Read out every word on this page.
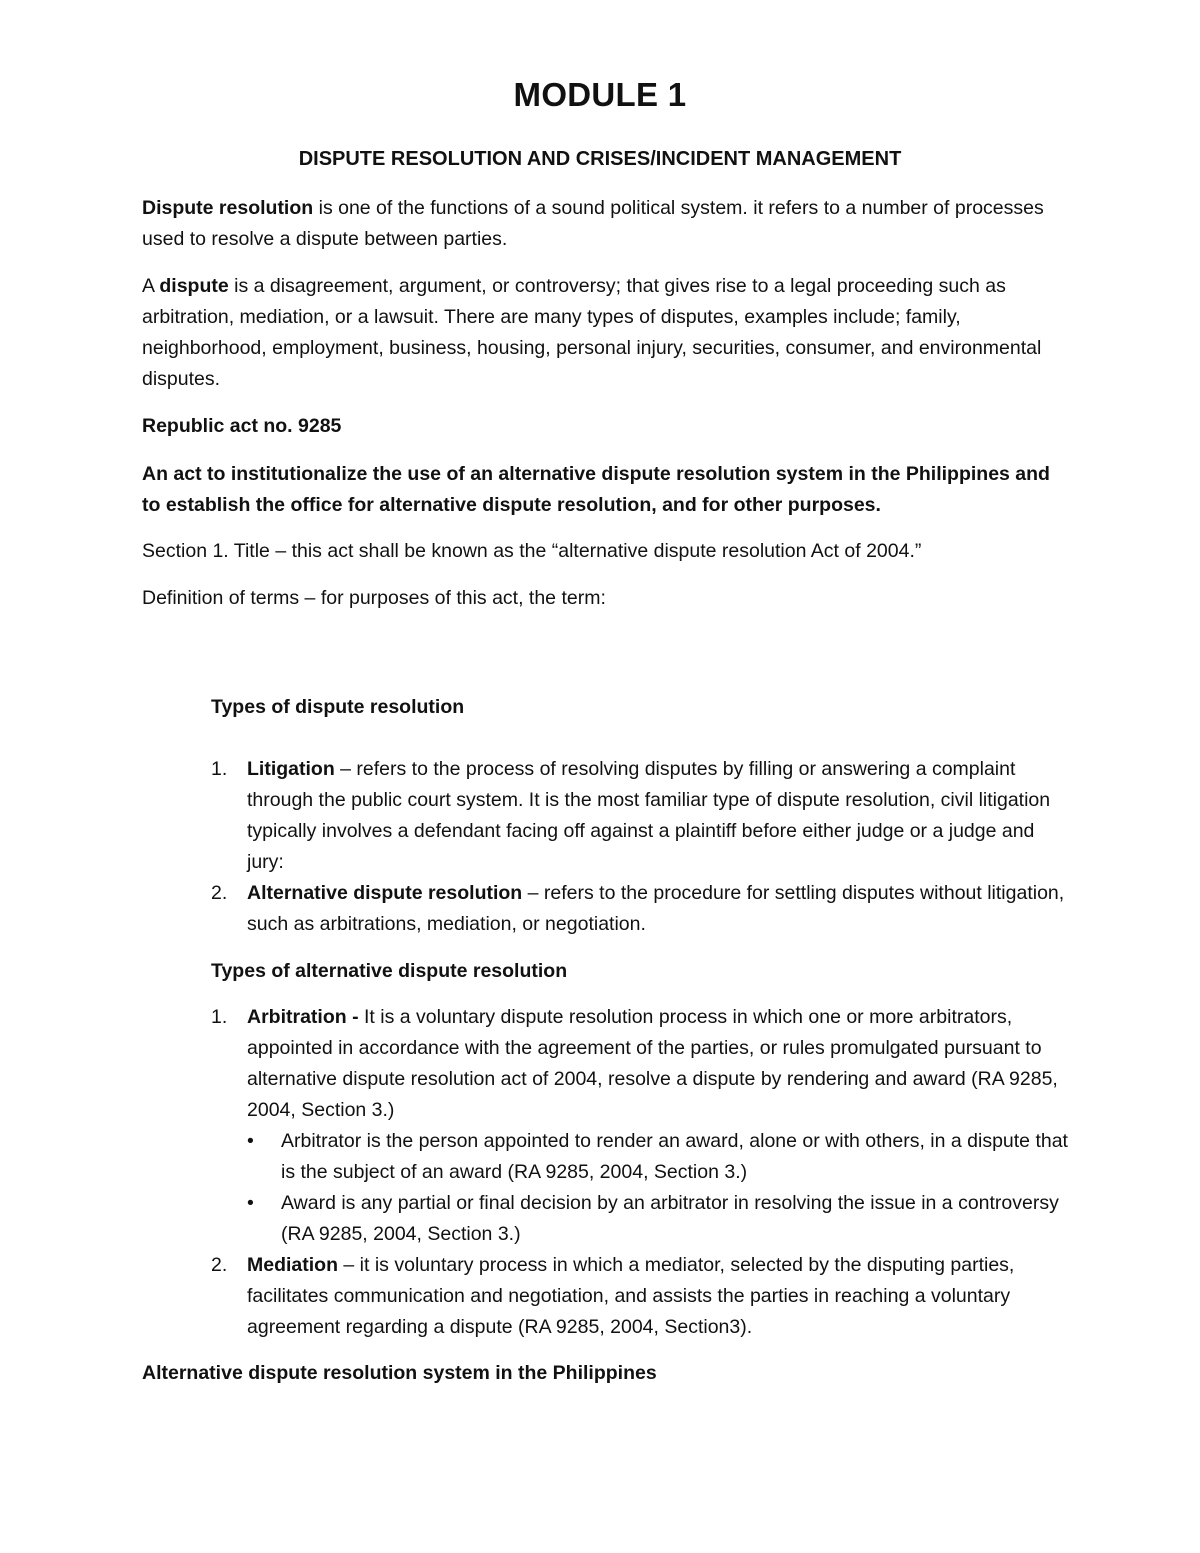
MODULE 1
DISPUTE RESOLUTION AND CRISES/INCIDENT MANAGEMENT

Dispute resolution is one of the functions of a sound political system. it refers to a number of processes used to resolve a dispute between parties.

A dispute is a disagreement, argument, or controversy; that gives rise to a legal proceeding such as arbitration, mediation, or a lawsuit. There are many types of disputes, examples include; family, neighborhood, employment, business, housing, personal injury, securities, consumer, and environmental disputes.

Republic act no. 9285

An act to institutionalize the use of an alternative dispute resolution system in the Philippines and to establish the office for alternative dispute resolution, and for other purposes.

Section 1. Title – this act shall be known as the “alternative dispute resolution Act of 2004.”

Definition of terms – for purposes of this act, the term:

Types of dispute resolution

1. Litigation – refers to the process of resolving disputes by filling or answering a complaint through the public court system. It is the most familiar type of dispute resolution, civil litigation typically involves a defendant facing off against a plaintiff before either judge or a judge and jury:
2. Alternative dispute resolution – refers to the procedure for settling disputes without litigation, such as arbitrations, mediation, or negotiation.

Types of alternative dispute resolution

1. Arbitration - It is a voluntary dispute resolution process in which one or more arbitrators, appointed in accordance with the agreement of the parties, or rules promulgated pursuant to alternative dispute resolution act of 2004, resolve a dispute by rendering and award (RA 9285, 2004, Section 3.)
• Arbitrator is the person appointed to render an award, alone or with others, in a dispute that is the subject of an award (RA 9285, 2004, Section 3.)
• Award is any partial or final decision by an arbitrator in resolving the issue in a controversy (RA 9285, 2004, Section 3.)
2. Mediation – it is voluntary process in which a mediator, selected by the disputing parties, facilitates communication and negotiation, and assists the parties in reaching a voluntary agreement regarding a dispute (RA 9285, 2004, Section3).

Alternative dispute resolution system in the Philippines
